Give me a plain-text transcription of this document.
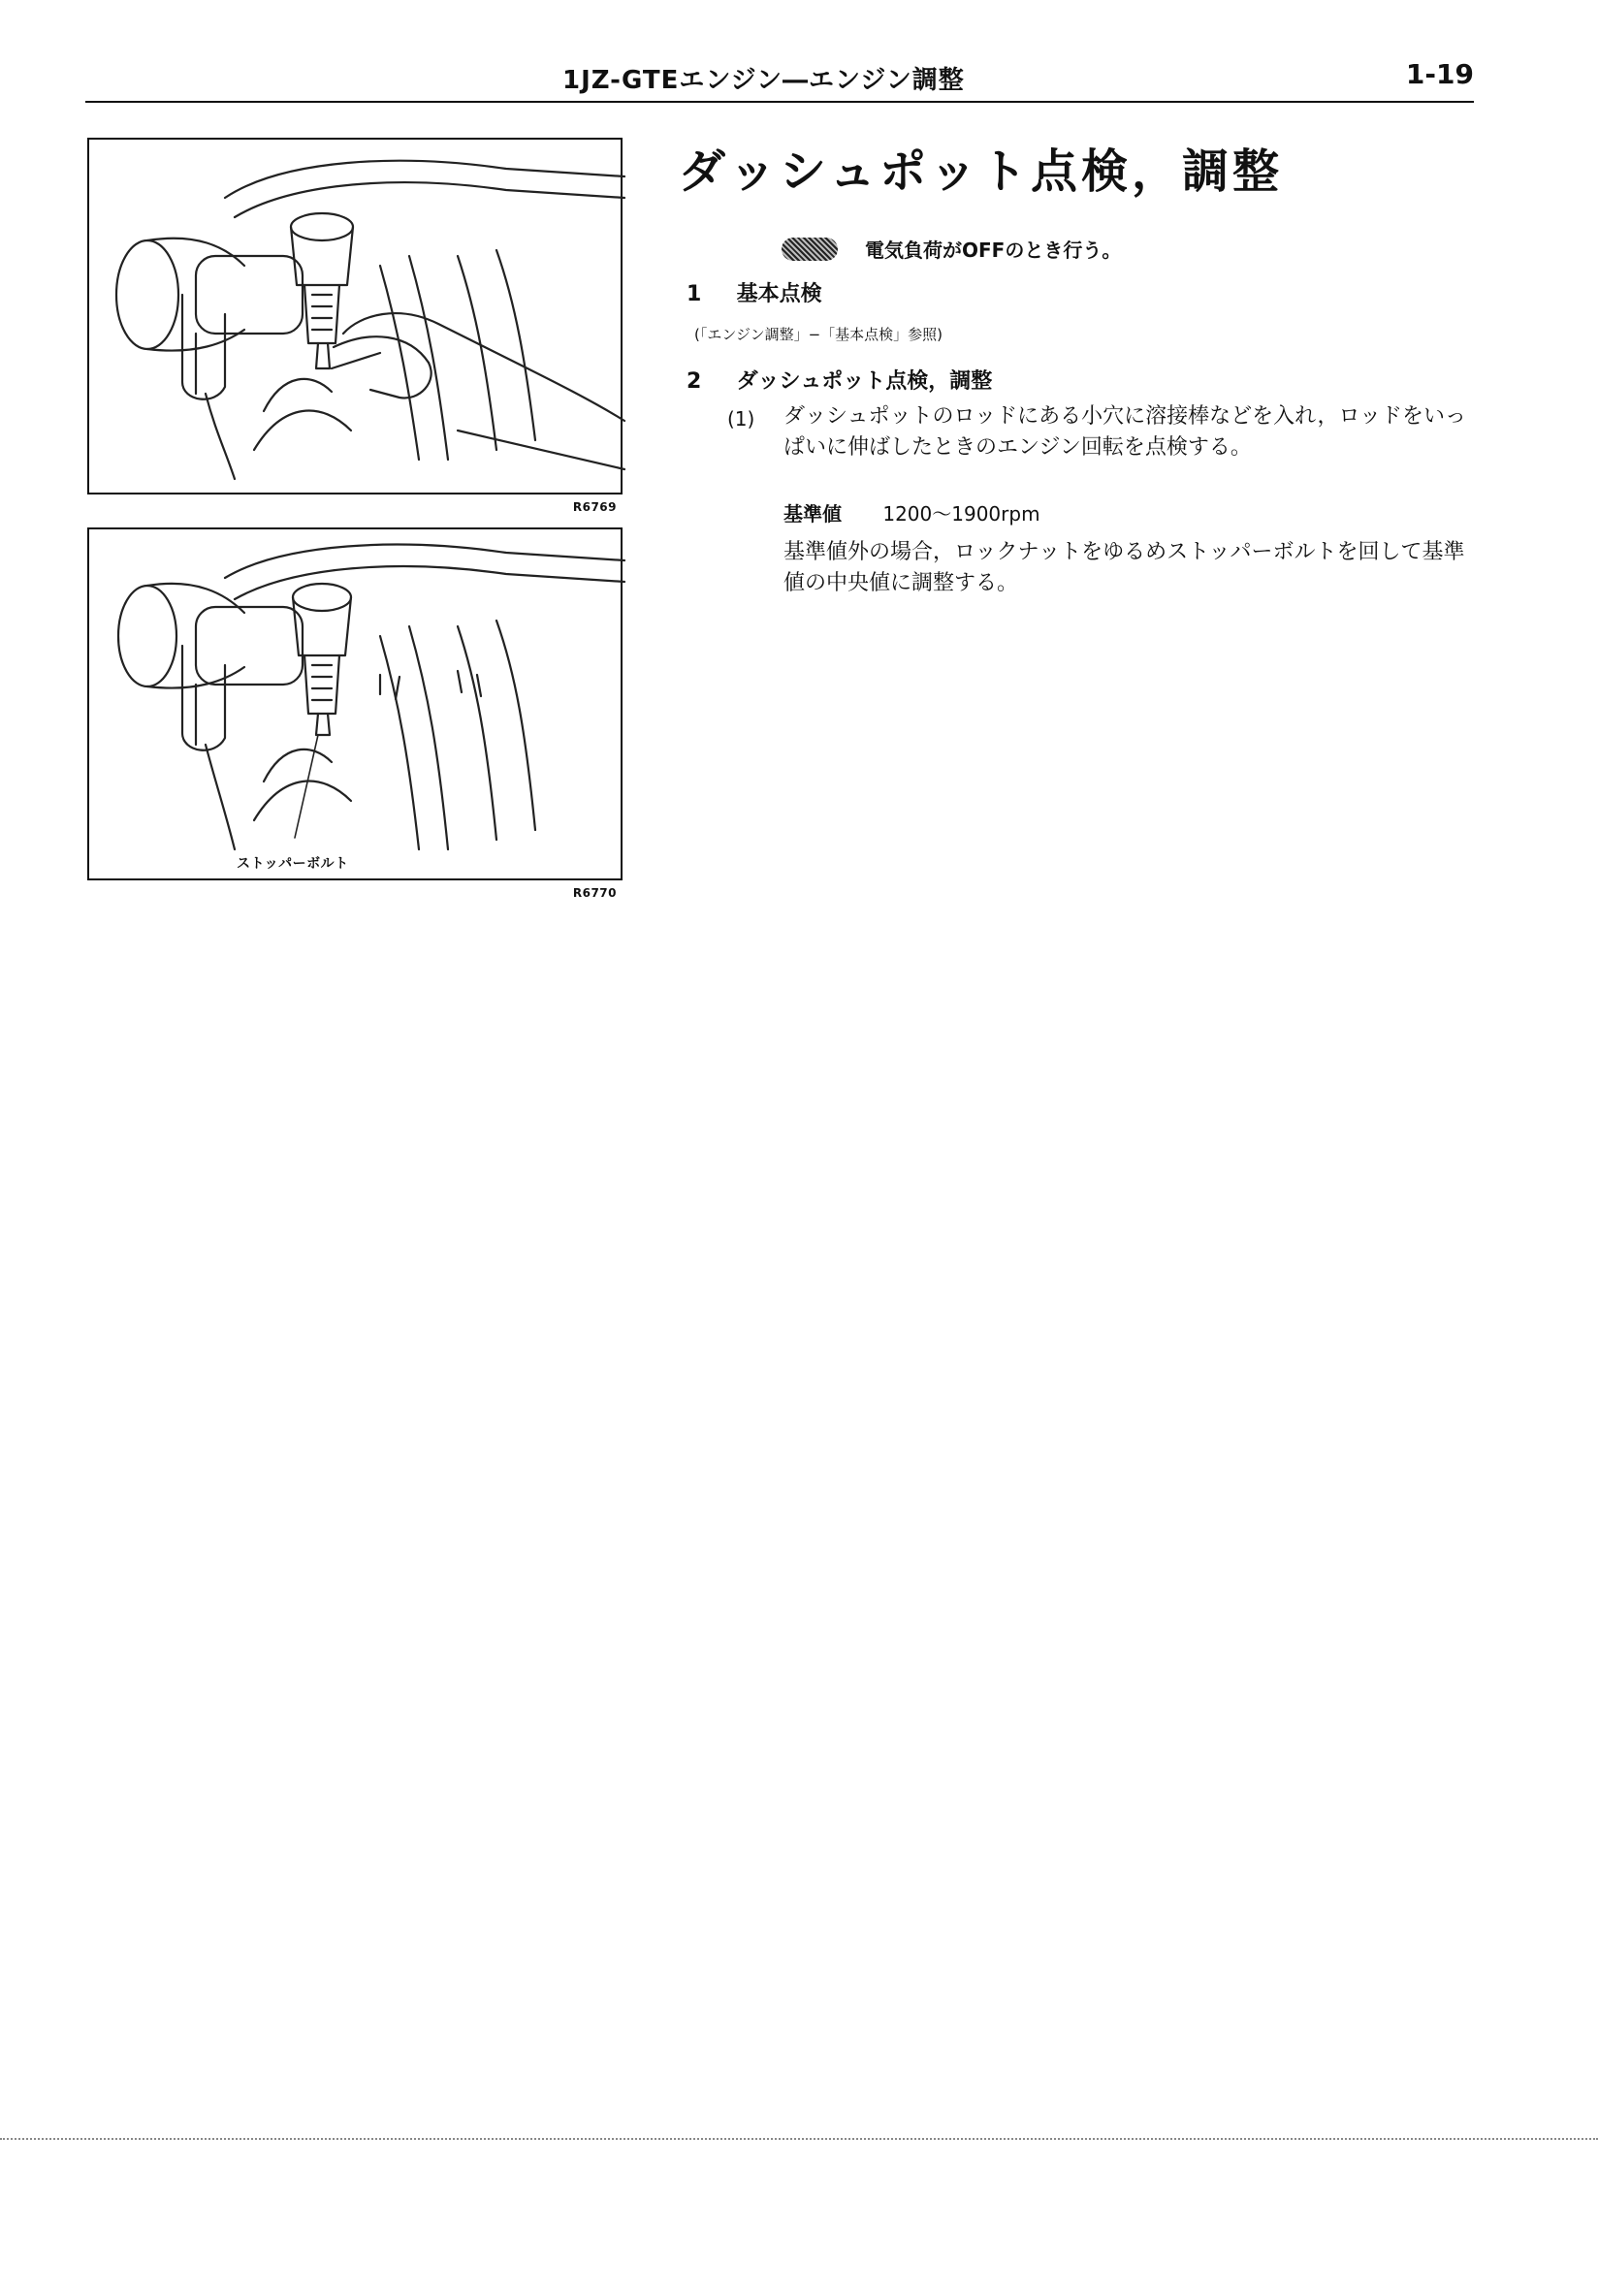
1JZ-GTEエンジン―エンジン調整	1-19
R6769
ストッパーボルト
R6770
ダッシュポット点検，調整
電気負荷がOFFのとき行う。
1 基本点検
(「エンジン調整」−「基本点検」参照)
2 ダッシュポット点検，調整
(1) ダッシュポットのロッドにある小穴に溶接棒などを入れ，ロッドをいっぱいに伸ばしたときのエンジン回転を点検する。
基準値 1200〜1900rpm
基準値外の場合，ロックナットをゆるめストッパーボルトを回して基準値の中央値に調整する。
